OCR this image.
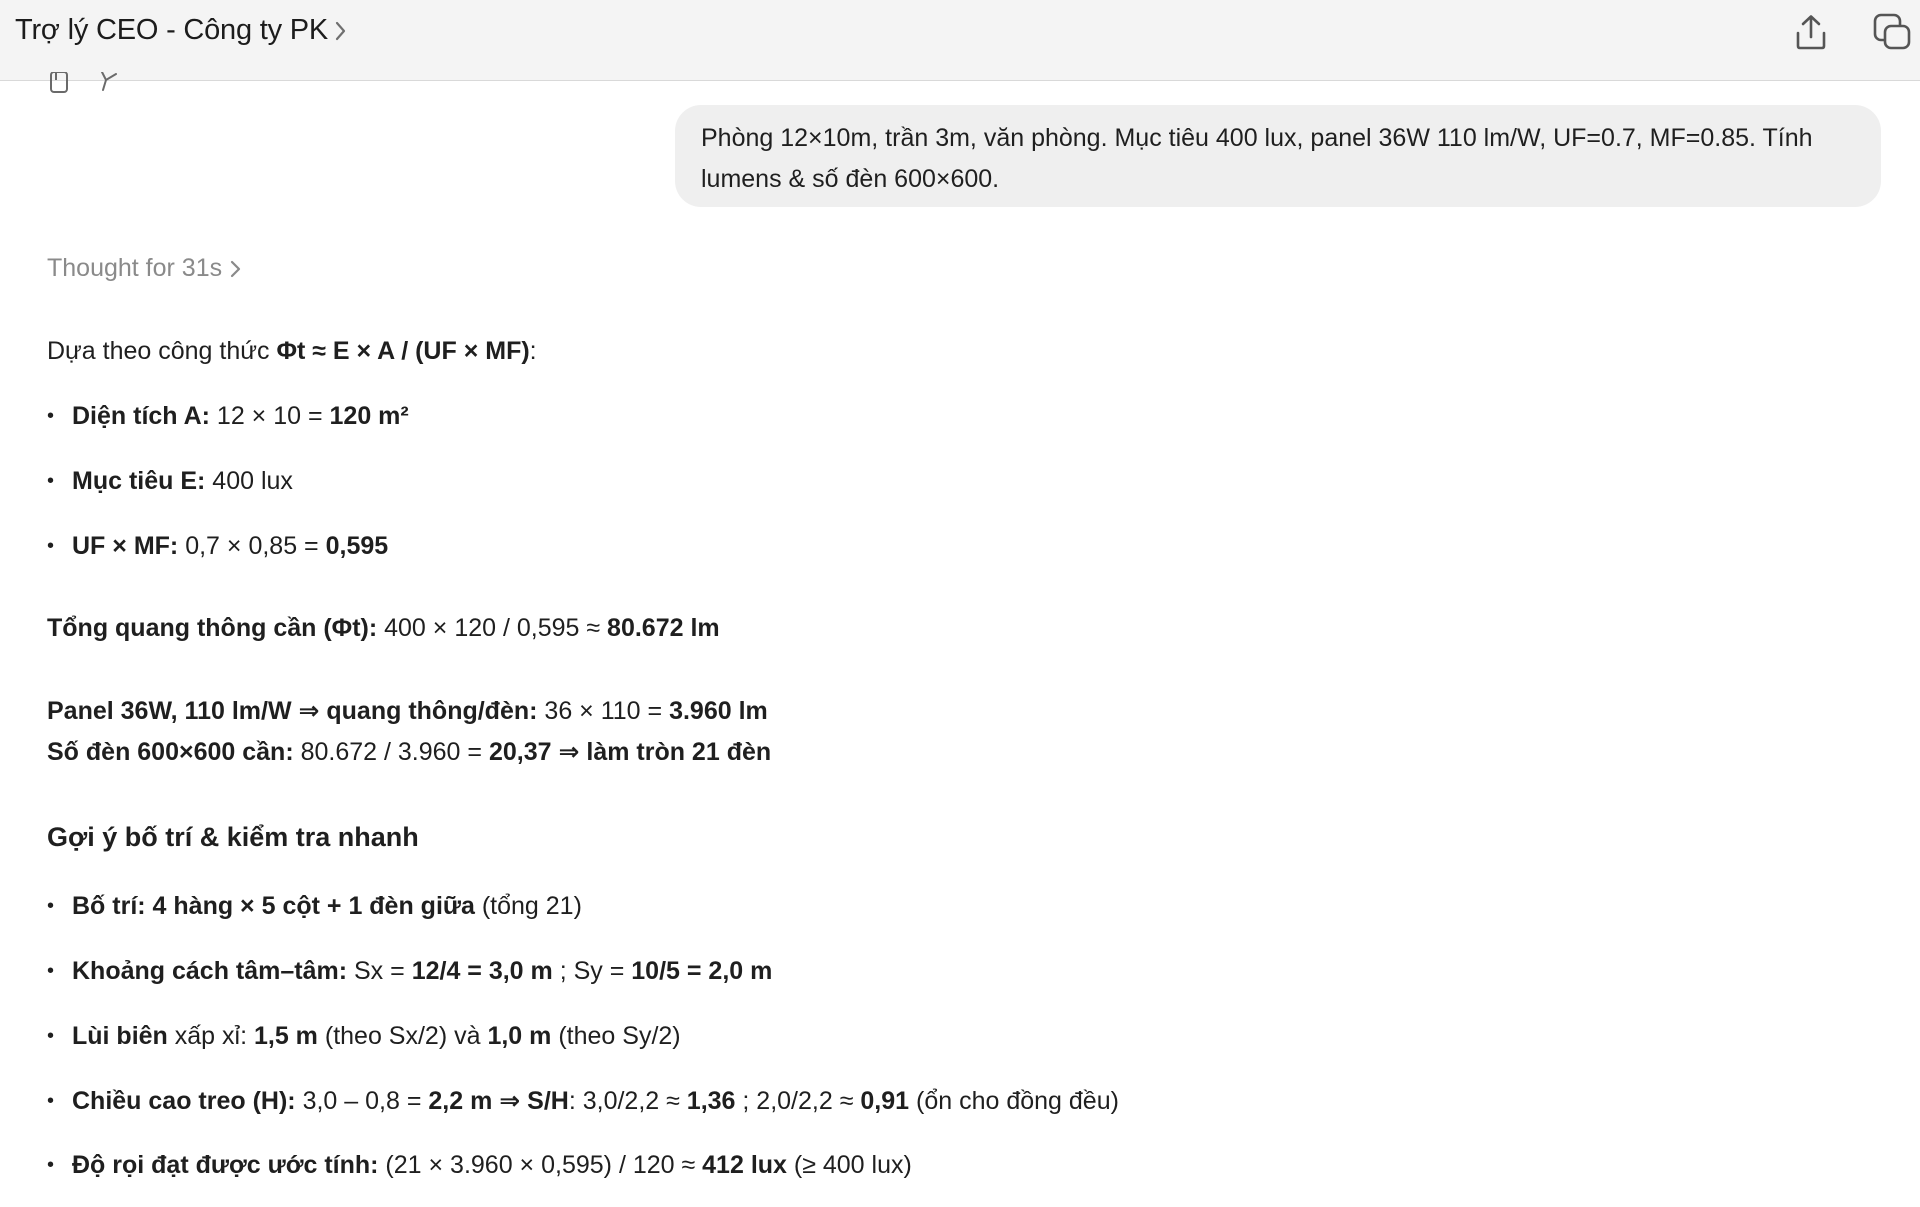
Trợ lý CEO - Công ty PK
Phòng 12×10m, trần 3m, văn phòng. Mục tiêu 400 lux, panel 36W 110 lm/W, UF=0.7, MF=0.85. Tính
lumens & số đèn 600×600.
Thought for 31s
Dựa theo công thức Φt ≈ E × A / (UF × MF):
• Diện tích A: 12 × 10 = 120 m²
• Mục tiêu E: 400 lux
• UF × MF: 0,7 × 0,85 = 0,595
Tổng quang thông cần (Φt): 400 × 120 / 0,595 ≈ 80.672 lm
Panel 36W, 110 lm/W ⇒ quang thông/đèn: 36 × 110 = 3.960 lm
Số đèn 600×600 cần: 80.672 / 3.960 = 20,37 ⇒ làm tròn 21 đèn
Gợi ý bố trí & kiểm tra nhanh
• Bố trí: 4 hàng × 5 cột + 1 đèn giữa (tổng 21)
• Khoảng cách tâm–tâm: Sx = 12/4 = 3,0 m ; Sy = 10/5 = 2,0 m
• Lùi biên xấp xỉ: 1,5 m (theo Sx/2) và 1,0 m (theo Sy/2)
• Chiều cao treo (H): 3,0 – 0,8 = 2,2 m ⇒ S/H: 3,0/2,2 ≈ 1,36 ; 2,0/2,2 ≈ 0,91 (ổn cho đồng đều)
• Độ rọi đạt được ước tính: (21 × 3.960 × 0,595) / 120 ≈ 412 lux (≥ 400 lux)
